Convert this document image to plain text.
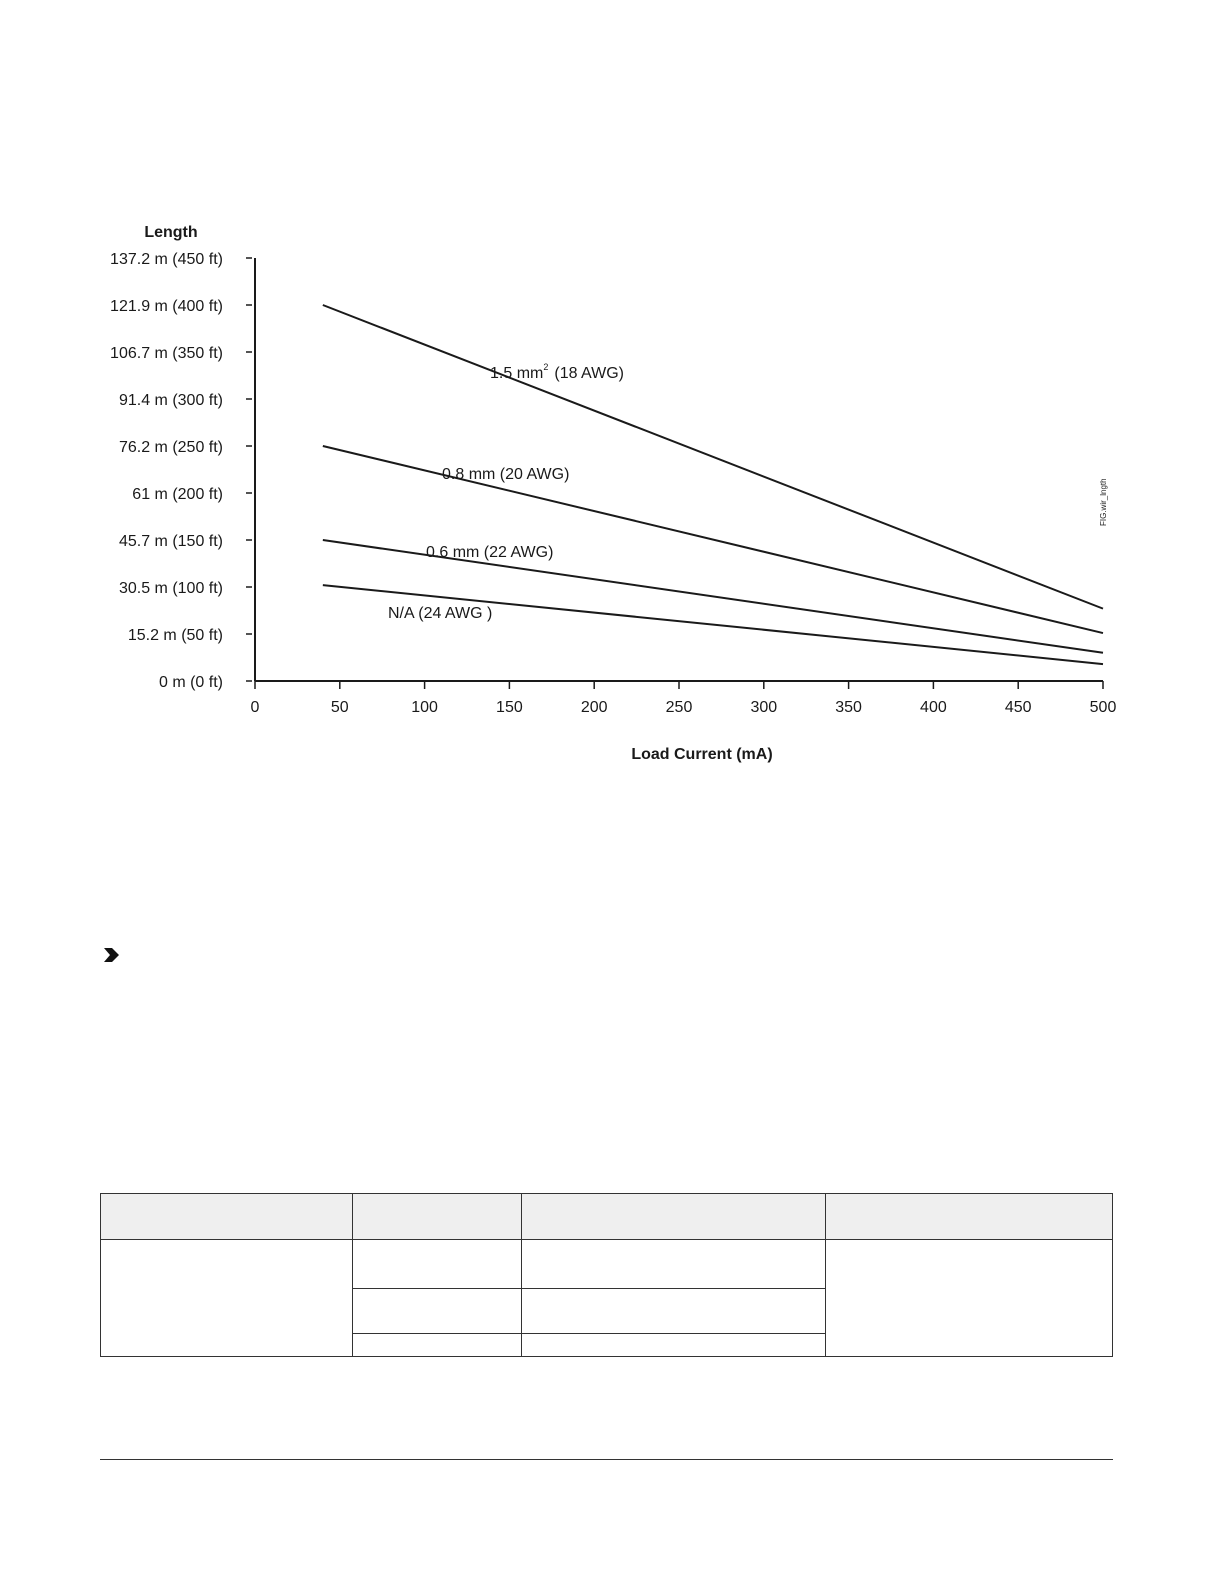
0 m (0 ft)
15.2 m (50 ft)
30.5 m (100 ft)
45.7 m (150 ft)
61 m (200 ft)
76.2 m (250 ft)
91.4 m (300 ft)
106.7 m (350 ft)
121.9 m (400 ft)
137.2 m (450 ft)
0	50	100	150	200	250	300	350	400	450	500
1.5 $mm^2$ (18 AWG)
0.8 mm (20 AWG)
0.6 mm (22 AWG)
N/A (24 AWG )
Length
Load Current (mA)
FIG.wir_lngth
